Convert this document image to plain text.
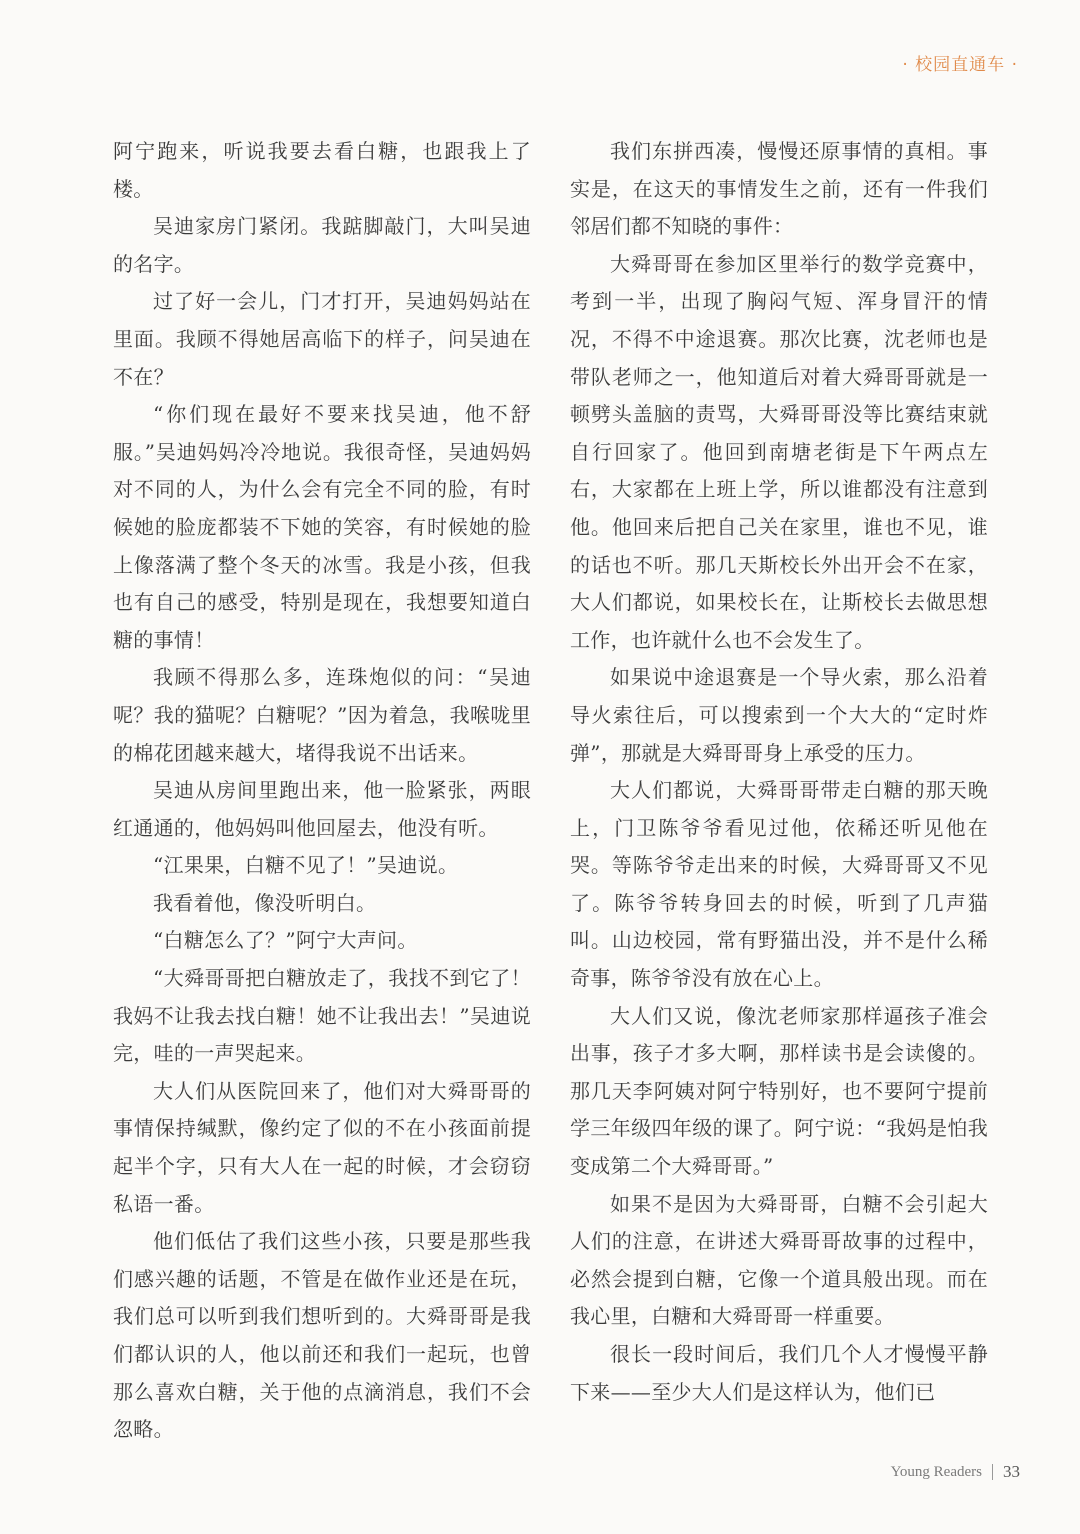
· 校园直通车 ·

阿宁跑来，听说我要去看白糖，也跟我上了楼。

吴迪家房门紧闭。我踮脚敲门，大叫吴迪的名字。

过了好一会儿，门才打开，吴迪妈妈站在里面。我顾不得她居高临下的样子，问吴迪在不在？

“你们现在最好不要来找吴迪，他不舒服。”吴迪妈妈冷冷地说。我很奇怪，吴迪妈妈对不同的人，为什么会有完全不同的脸，有时候她的脸庞都装不下她的笑容，有时候她的脸上像落满了整个冬天的冰雪。我是小孩，但我也有自己的感受，特别是现在，我想要知道白糖的事情！

我顾不得那么多，连珠炮似的问：“吴迪呢？我的猫呢？白糖呢？”因为着急，我喉咙里的棉花团越来越大，堵得我说不出话来。

吴迪从房间里跑出来，他一脸紧张，两眼红通通的，他妈妈叫他回屋去，他没有听。

“江果果，白糖不见了！”吴迪说。

我看着他，像没听明白。

“白糖怎么了？”阿宁大声问。

“大舜哥哥把白糖放走了，我找不到它了！我妈不让我去找白糖！她不让我出去！”吴迪说完，哇的一声哭起来。

大人们从医院回来了，他们对大舜哥哥的事情保持缄默，像约定了似的不在小孩面前提起半个字，只有大人在一起的时候，才会窃窃私语一番。

他们低估了我们这些小孩，只要是那些我们感兴趣的话题，不管是在做作业还是在玩，我们总可以听到我们想听到的。大舜哥哥是我们都认识的人，他以前还和我们一起玩，也曾那么喜欢白糖，关于他的点滴消息，我们不会忽略。

我们东拼西凑，慢慢还原事情的真相。事实是，在这天的事情发生之前，还有一件我们邻居们都不知晓的事件：

大舜哥哥在参加区里举行的数学竞赛中，考到一半，出现了胸闷气短、浑身冒汗的情况，不得不中途退赛。那次比赛，沈老师也是带队老师之一，他知道后对着大舜哥哥就是一顿劈头盖脑的责骂，大舜哥哥没等比赛结束就自行回家了。他回到南塘老街是下午两点左右，大家都在上班上学，所以谁都没有注意到他。他回来后把自己关在家里，谁也不见，谁的话也不听。那几天斯校长外出开会不在家，大人们都说，如果校长在，让斯校长去做思想工作，也许就什么也不会发生了。

如果说中途退赛是一个导火索，那么沿着导火索往后，可以搜索到一个大大的“定时炸弹”，那就是大舜哥哥身上承受的压力。

大人们都说，大舜哥哥带走白糖的那天晚上，门卫陈爷爷看见过他，依稀还听见他在哭。等陈爷爷走出来的时候，大舜哥哥又不见了。陈爷爷转身回去的时候，听到了几声猫叫。山边校园，常有野猫出没，并不是什么稀奇事，陈爷爷没有放在心上。

大人们又说，像沈老师家那样逼孩子准会出事，孩子才多大啊，那样读书是会读傻的。那几天李阿姨对阿宁特别好，也不要阿宁提前学三年级四年级的课了。阿宁说：“我妈是怕我变成第二个大舜哥哥。”

如果不是因为大舜哥哥，白糖不会引起大人们的注意，在讲述大舜哥哥故事的过程中，必然会提到白糖，它像一个道具般出现。而在我心里，白糖和大舜哥哥一样重要。

很长一段时间后，我们几个人才慢慢平静下来——至少大人们是这样认为，他们已

Young Readers 33
